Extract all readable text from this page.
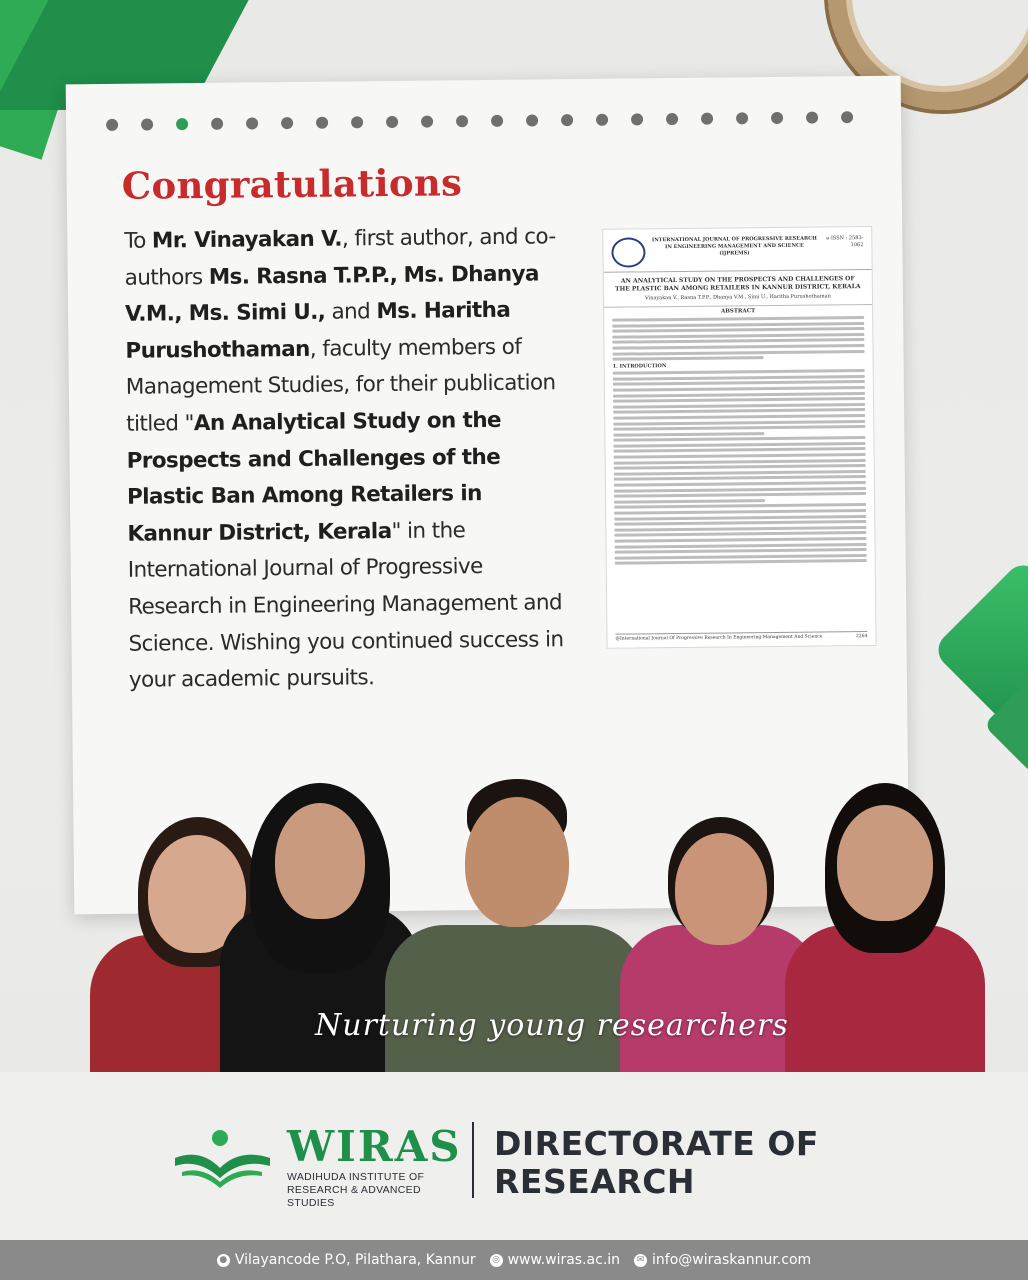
Congratulations
To Mr. Vinayakan V., first author, and co-authors Ms. Rasna T.P.P., Ms. Dhanya V.M., Ms. Simi U., and Ms. Haritha Purushothaman, faculty members of Management Studies, for their publication titled "An Analytical Study on the Prospects and Challenges of the Plastic Ban Among Retailers in Kannur District, Kerala" in the International Journal of Progressive Research in Engineering Management and Science. Wishing you continued success in your academic pursuits.
INTERNATIONAL JOURNAL OF PROGRESSIVE RESEARCH IN ENGINEERING MANAGEMENT AND SCIENCE (IJPREMS)
e-ISSN : 2583-1062
AN ANALYTICAL STUDY ON THE PROSPECTS AND CHALLENGES OF THE PLASTIC BAN AMONG RETAILERS IN KANNUR DISTRICT, KERALA
Vinayakan V., Rasna T.P.P., Dhanya V.M., Simi U., Haritha Purushothaman
ABSTRACT
1. INTRODUCTION
@International Journal Of Progressive Research In Engineering Management And Science	2264
Nurturing young researchers
WIRAS
WADIHUDA INSTITUTE OF RESEARCH & ADVANCED STUDIES
DIRECTORATE OF
RESEARCH
● Vilayancode P.O, Pilathara, Kannur ◎ www.wiras.ac.in	✉ info@wiraskannur.com
